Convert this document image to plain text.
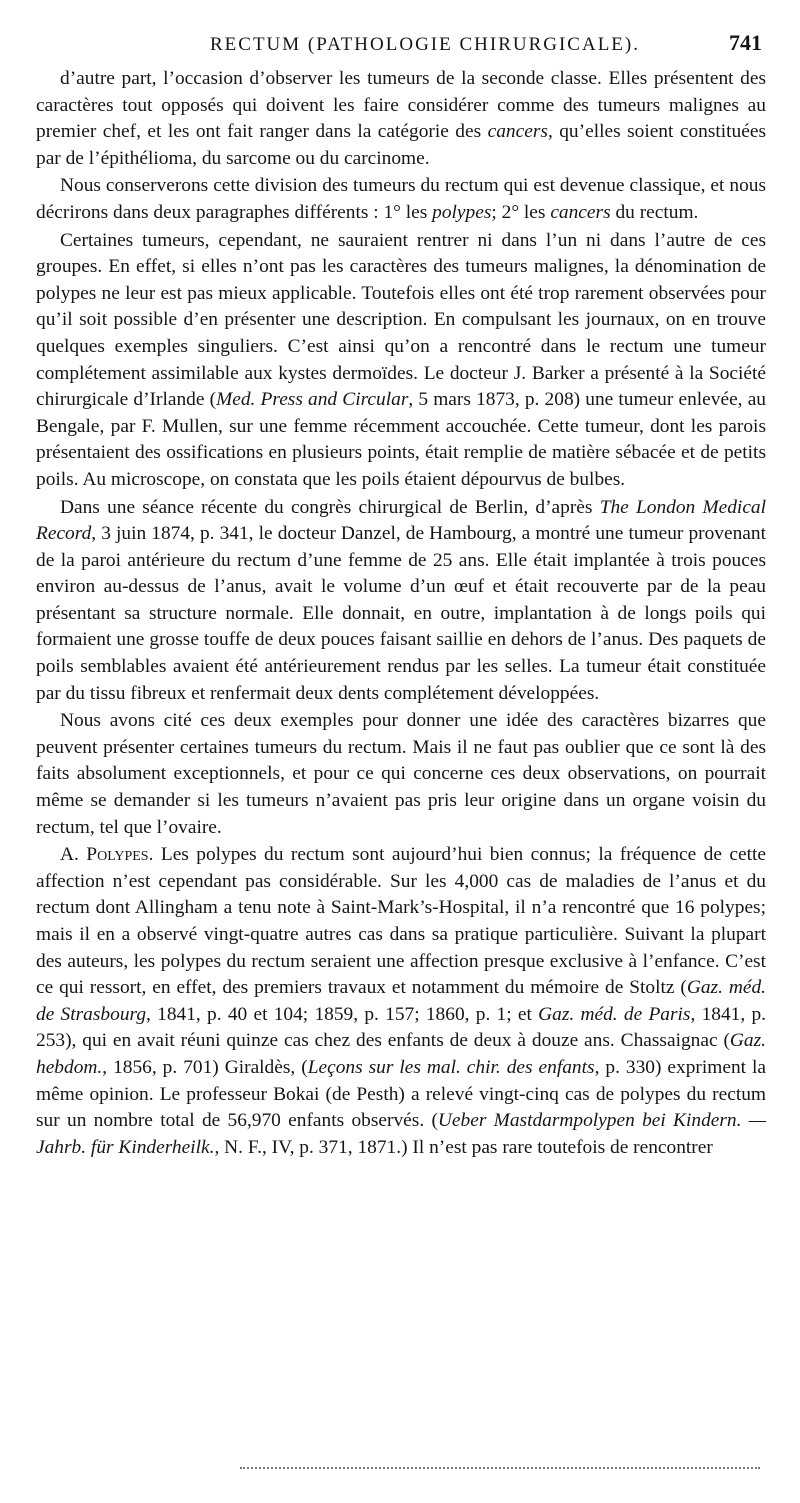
RECTUM (PATHOLOGIE CHIRURGICALE).	741

d’autre part, l’occasion d’observer les tumeurs de la seconde classe. Elles présentent des caractères tout opposés qui doivent les faire considérer comme des tumeurs malignes au premier chef, et les ont fait ranger dans la catégorie des cancers, qu’elles soient constituées par de l’épithélioma, du sarcome ou du carcinome.

Nous conserverons cette division des tumeurs du rectum qui est devenue classique, et nous décrirons dans deux paragraphes différents : 1° les polypes; 2° les cancers du rectum.

Certaines tumeurs, cependant, ne sauraient rentrer ni dans l’un ni dans l’autre de ces groupes. En effet, si elles n’ont pas les caractères des tumeurs malignes, la dénomination de polypes ne leur est pas mieux applicable. Toutefois elles ont été trop rarement observées pour qu’il soit possible d’en présenter une description. En compulsant les journaux, on en trouve quelques exemples singuliers. C’est ainsi qu’on a rencontré dans le rectum une tumeur complétement assimilable aux kystes dermoïdes. Le docteur J. Barker a présenté à la Société chirurgicale d’Irlande (Med. Press and Circular, 5 mars 1873, p. 208) une tumeur enlevée, au Bengale, par F. Mullen, sur une femme récemment accouchée. Cette tumeur, dont les parois présentaient des ossifications en plusieurs points, était remplie de matière sébacée et de petits poils. Au microscope, on constata que les poils étaient dépourvus de bulbes.

Dans une séance récente du congrès chirurgical de Berlin, d’après The London Medical Record, 3 juin 1874, p. 341, le docteur Danzel, de Hambourg, a montré une tumeur provenant de la paroi antérieure du rectum d’une femme de 25 ans. Elle était implantée à trois pouces environ au-dessus de l’anus, avait le volume d’un œuf et était recouverte par de la peau présentant sa structure normale. Elle donnait, en outre, implantation à de longs poils qui formaient une grosse touffe de deux pouces faisant saillie en dehors de l’anus. Des paquets de poils semblables avaient été antérieurement rendus par les selles. La tumeur était constituée par du tissu fibreux et renfermait deux dents complétement développées.

Nous avons cité ces deux exemples pour donner une idée des caractères bizarres que peuvent présenter certaines tumeurs du rectum. Mais il ne faut pas oublier que ce sont là des faits absolument exceptionnels, et pour ce qui concerne ces deux observations, on pourrait même se demander si les tumeurs n’avaient pas pris leur origine dans un organe voisin du rectum, tel que l’ovaire.

A. Polypes. Les polypes du rectum sont aujourd’hui bien connus; la fréquence de cette affection n’est cependant pas considérable. Sur les 4,000 cas de maladies de l’anus et du rectum dont Allingham a tenu note à Saint-Mark’s-Hospital, il n’a rencontré que 16 polypes; mais il en a observé vingt-quatre autres cas dans sa pratique particulière. Suivant la plupart des auteurs, les polypes du rectum seraient une affection presque exclusive à l’enfance. C’est ce qui ressort, en effet, des premiers travaux et notamment du mémoire de Stoltz (Gaz. méd. de Strasbourg, 1841, p. 40 et 104; 1859, p. 157; 1860, p. 1; et Gaz. méd. de Paris, 1841, p. 253), qui en avait réuni quinze cas chez des enfants de deux à douze ans. Chassaignac (Gaz. hebdom., 1856, p. 701) Giraldès, (Leçons sur les mal. chir. des enfants, p. 330) expriment la même opinion. Le professeur Bokai (de Pesth) a relevé vingt-cinq cas de polypes du rectum sur un nombre total de 56,970 enfants observés. (Ueber Mastdarmpolypen bei Kindern. — Jahrb. für Kinderheilk., N. F., IV, p. 371, 1871.) Il n’est pas rare toutefois de rencontrer
